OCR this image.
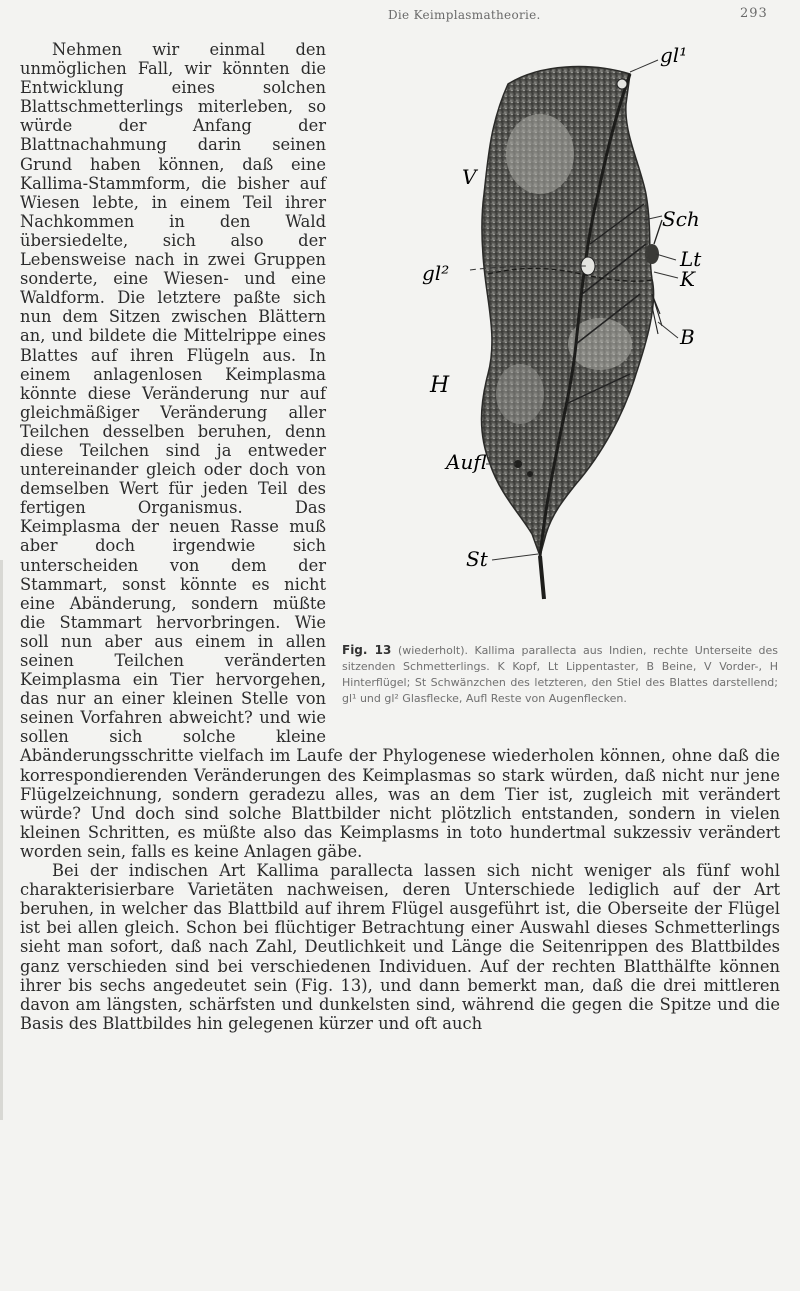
Die Keimplasmatheorie.	293
gl¹
V
Sch
gl²
Lt
K
B
H
Aufl
St
Fig. 13 (wiederholt). Kallima parallecta aus Indien, rechte Unterseite des sitzenden Schmetterlings. K Kopf, Lt Lippentaster, B Beine, V Vorder-, H Hinterflügel; St Schwänzchen des letzteren, den Stiel des Blattes darstellend; gl¹ und gl² Glasflecke, Aufl Reste von Augenflecken.

Nehmen wir einmal den unmöglichen Fall, wir könnten die Entwicklung eines solchen Blattschmetterlings miterleben, so würde der Anfang der Blattnachahmung darin seinen Grund haben können, daß eine Kallima-Stammform, die bisher auf Wiesen lebte, in einem Teil ihrer Nachkommen in den Wald übersiedelte, sich also der Lebensweise nach in zwei Gruppen sonderte, eine Wiesen- und eine Waldform. Die letztere paßte sich nun dem Sitzen zwischen Blättern an, und bildete die Mittelrippe eines Blattes auf ihren Flügeln aus. In einem anlagenlosen Keimplasma könnte diese Veränderung nur auf gleichmäßiger Veränderung aller Teilchen desselben beruhen, denn diese Teilchen sind ja entweder untereinander gleich oder doch von demselben Wert für jeden Teil des fertigen Organismus. Das Keimplasma der neuen Rasse muß aber doch irgendwie sich unterscheiden von dem der Stammart, sonst könnte es nicht eine Abänderung, sondern müßte die Stammart hervorbringen. Wie soll nun aber aus einem in allen seinen Teilchen veränderten Keimplasma ein Tier hervorgehen, das nur an einer kleinen Stelle von seinen Vorfahren abweicht? und wie sollen sich solche kleine Abänderungsschritte vielfach im Laufe der Phylogenese wiederholen können, ohne daß die korrespondierenden Veränderungen des Keimplasmas so stark würden, daß nicht nur jene Flügelzeichnung, sondern geradezu alles, was an dem Tier ist, zugleich mit verändert würde? Und doch sind solche Blattbilder nicht plötzlich entstanden, sondern in vielen kleinen Schritten, es müßte also das Keimplasms in toto hundertmal sukzessiv verändert worden sein, falls es keine Anlagen gäbe.

Bei der indischen Art Kallima parallecta lassen sich nicht weniger als fünf wohl charakterisierbare Varietäten nachweisen, deren Unterschiede lediglich auf der Art beruhen, in welcher das Blattbild auf ihrem Flügel ausgeführt ist, die Oberseite der Flügel ist bei allen gleich. Schon bei flüchtiger Betrachtung einer Auswahl dieses Schmetterlings sieht man sofort, daß nach Zahl, Deutlichkeit und Länge die Seitenrippen des Blattbildes ganz verschieden sind bei verschiedenen Individuen. Auf der rechten Blatthälfte können ihrer bis sechs angedeutet sein (Fig. 13), und dann bemerkt man, daß die drei mittleren davon am längsten, schärfsten und dunkelsten sind, während die gegen die Spitze und die Basis des Blattbildes hin gelegenen kürzer und oft auch
